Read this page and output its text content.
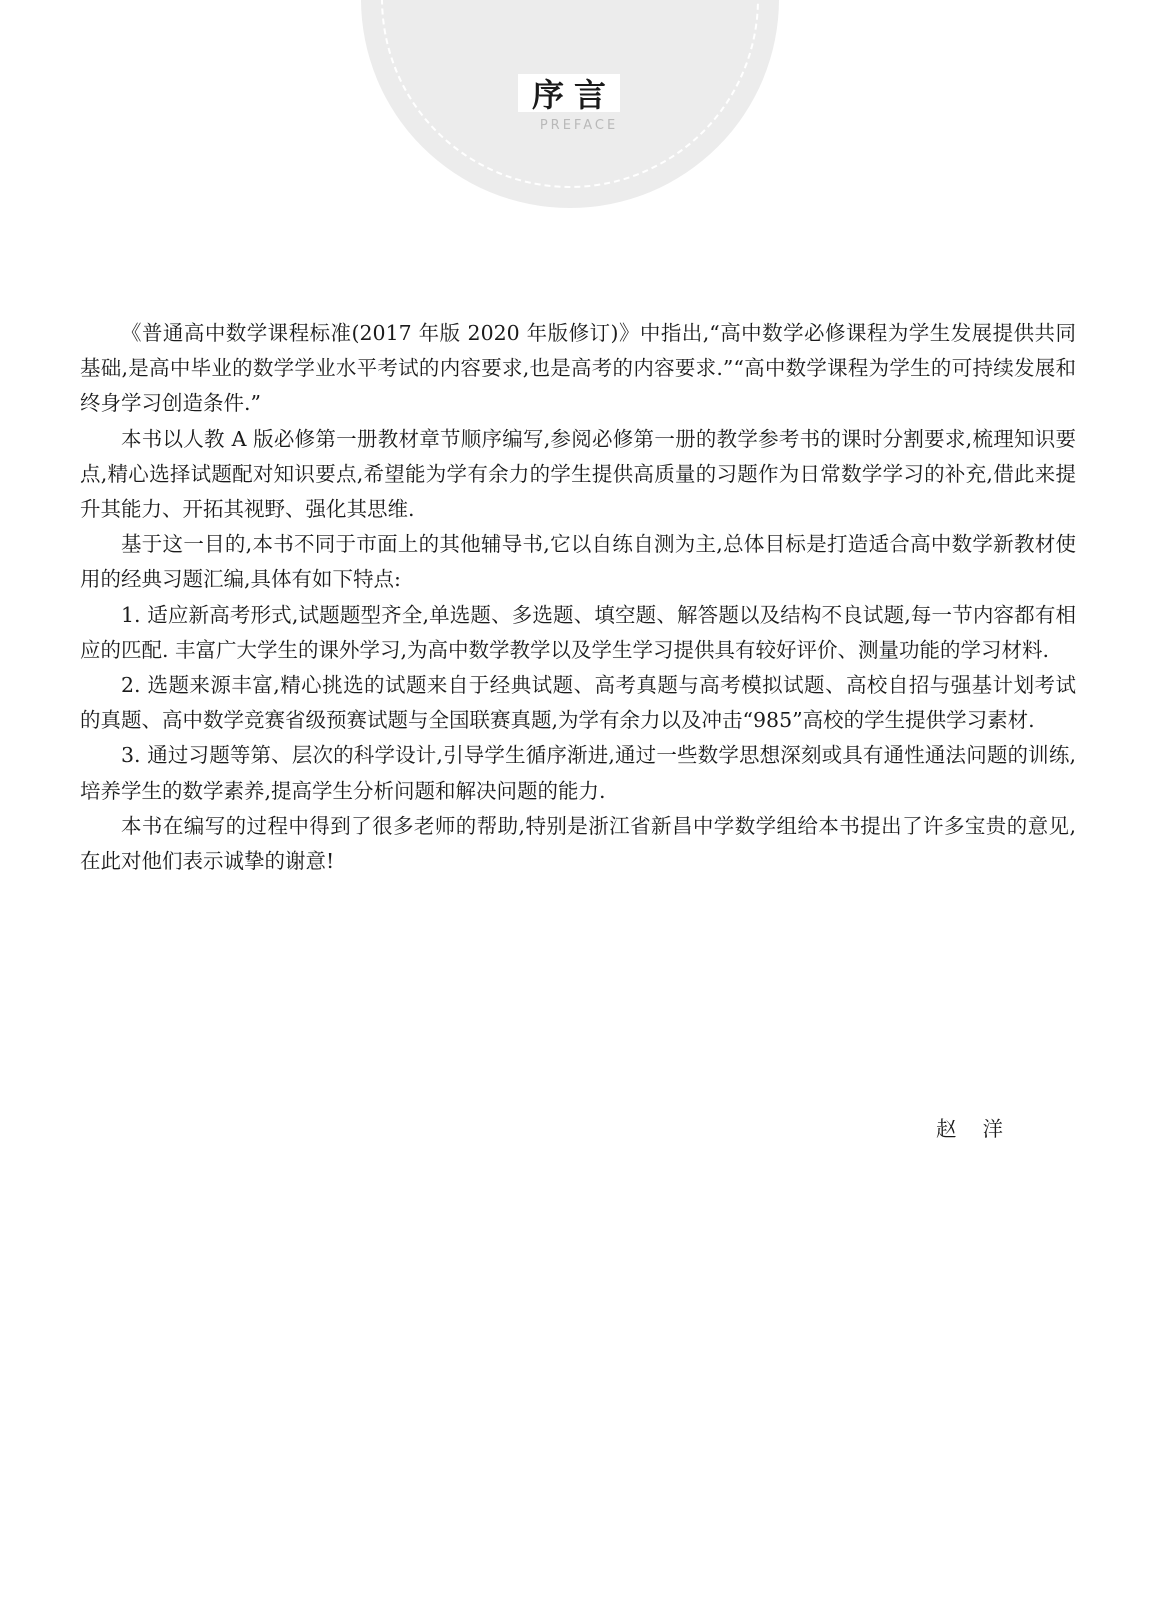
序言
PREFACE

《普通高中数学课程标准(2017 年版 2020 年版修订)》中指出,“高中数学必修课程为学生发展提供共同基础,是高中毕业的数学学业水平考试的内容要求,也是高考的内容要求.”“高中数学课程为学生的可持续发展和终身学习创造条件.”

本书以人教 A 版必修第一册教材章节顺序编写,参阅必修第一册的教学参考书的课时分割要求,梳理知识要点,精心选择试题配对知识要点,希望能为学有余力的学生提供高质量的习题作为日常数学学习的补充,借此来提升其能力、开拓其视野、强化其思维.

基于这一目的,本书不同于市面上的其他辅导书,它以自练自测为主,总体目标是打造适合高中数学新教材使用的经典习题汇编,具体有如下特点:

1. 适应新高考形式,试题题型齐全,单选题、多选题、填空题、解答题以及结构不良试题,每一节内容都有相应的匹配. 丰富广大学生的课外学习,为高中数学教学以及学生学习提供具有较好评价、测量功能的学习材料.

2. 选题来源丰富,精心挑选的试题来自于经典试题、高考真题与高考模拟试题、高校自招与强基计划考试的真题、高中数学竞赛省级预赛试题与全国联赛真题,为学有余力以及冲击“985”高校的学生提供学习素材.

3. 通过习题等第、层次的科学设计,引导学生循序渐进,通过一些数学思想深刻或具有通性通法问题的训练,培养学生的数学素养,提高学生分析问题和解决问题的能力.

本书在编写的过程中得到了很多老师的帮助,特别是浙江省新昌中学数学组给本书提出了许多宝贵的意见,在此对他们表示诚挚的谢意!

赵洋
